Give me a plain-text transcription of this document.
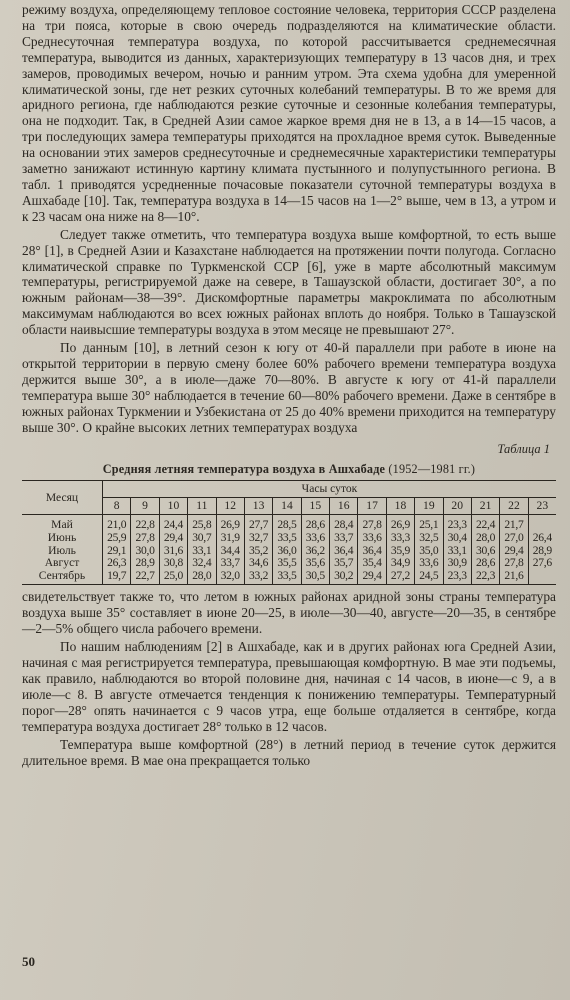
режиму воздуха, определяющему тепловое состояние человека, территория СССР разделена на три пояса, которые в свою очередь подразделяются на климатические области. Среднесуточная температура воздуха, по которой рассчитывается среднемесячная температура, выводится из данных, характеризующих температуру в 13 часов дня, и трех замеров, проводимых вечером, ночью и ранним утром. Эта схема удобна для умеренной климатической зоны, где нет резких суточных колебаний температуры. В то же время для аридного региона, где наблюдаются резкие суточные и сезонные колебания температуры, она не подходит. Так, в Средней Азии самое жаркое время дня не в 13, а в 14—15 часов, а три последующих замера температуры приходятся на прохладное время суток. Выведенные на основании этих замеров среднесуточные и среднемесячные характеристики температуры заметно занижают истинную картину климата пустынного и полупустынного региона. В табл. 1 приводятся усредненные почасовые показатели суточной температуры воздуха в Ашхабаде [10]. Так, температура воздуха в 14—15 часов на 1—2° выше, чем в 13, а утром и к 23 часам она ниже на 8—10°.

Следует также отметить, что температура воздуха выше комфортной, то есть выше 28° [1], в Средней Азии и Казахстане наблюдается на протяжении почти полугода. Согласно климатической справке по Туркменской ССР [6], уже в марте абсолютный максимум температуры, регистрируемой даже на севере, в Ташаузской области, достигает 30°, а по южным районам—38—39°. Дискомфортные параметры макроклимата по абсолютным максимумам наблюдаются во всех южных районах вплоть до ноября. Только в Ташаузской области наивысшие температуры воздуха в этом месяце не превышают 27°.

По данным [10], в летний сезон к югу от 40-й параллели при работе в июне на открытой территории в первую смену более 60% рабочего времени температура воздуха держится выше 30°, а в июле—даже 70—80%. В августе к югу от 41-й параллели температура выше 30° наблюдается в течение 60—80% рабочего времени. Даже в сентябре в южных районах Туркмении и Узбекистана от 25 до 40% времени приходится на температуру выше 30°. О крайне высоких летних температурах воздуха

Таблица 1
Средняя летняя температура воздуха в Ашхабаде (1952—1981 гг.)
Месяц	Часы суток															
	8	9	10	11	12	13	14	15	16	17	18	19	20	21	22	23
Май	21,0	22,8	24,4	25,8	26,9	27,7	28,5	28,6	28,4	27,8	26,9	25,1	23,3	22,4	21,7	
Июнь	25,9	27,8	29,4	30,7	31,9	32,7	33,5	33,6	33,7	33,6	33,3	32,5	30,4	28,0	27,0	26,4
Июль	29,1	30,0	31,6	33,1	34,4	35,2	36,0	36,2	36,4	36,4	35,9	35,0	33,1	30,6	29,4	28,9
Август	26,3	28,9	30,8	32,4	33,7	34,6	35,5	35,6	35,7	35,4	34,9	33,6	30,9	28,6	27,8	27,6
Сентябрь	19,7	22,7	25,0	28,0	32,0	33,2	33,5	30,5	30,2	29,4	27,2	24,5	23,3	22,3	21,6	

свидетельствует также то, что летом в южных районах аридной зоны страны температура воздуха выше 35° составляет в июне 20—25, в июле—30—40, августе—20—35, в сентябре—2—5% общего числа рабочего времени.

По нашим наблюдениям [2] в Ашхабаде, как и в других районах юга Средней Азии, начиная с мая регистрируется температура, превышающая комфортную. В мае эти подъемы, как правило, наблюдаются во второй половине дня, начиная с 14 часов, в июне—с 9, а в июле—с 8. В августе отмечается тенденция к понижению температуры. Температурный порог—28° опять начинается с 9 часов утра, еще больше отдаляется в сентябре, когда температура воздуха достигает 28° только в 12 часов.

Температура выше комфортной (28°) в летний период в течение суток держится длительное время. В мае она прекращается только

50
